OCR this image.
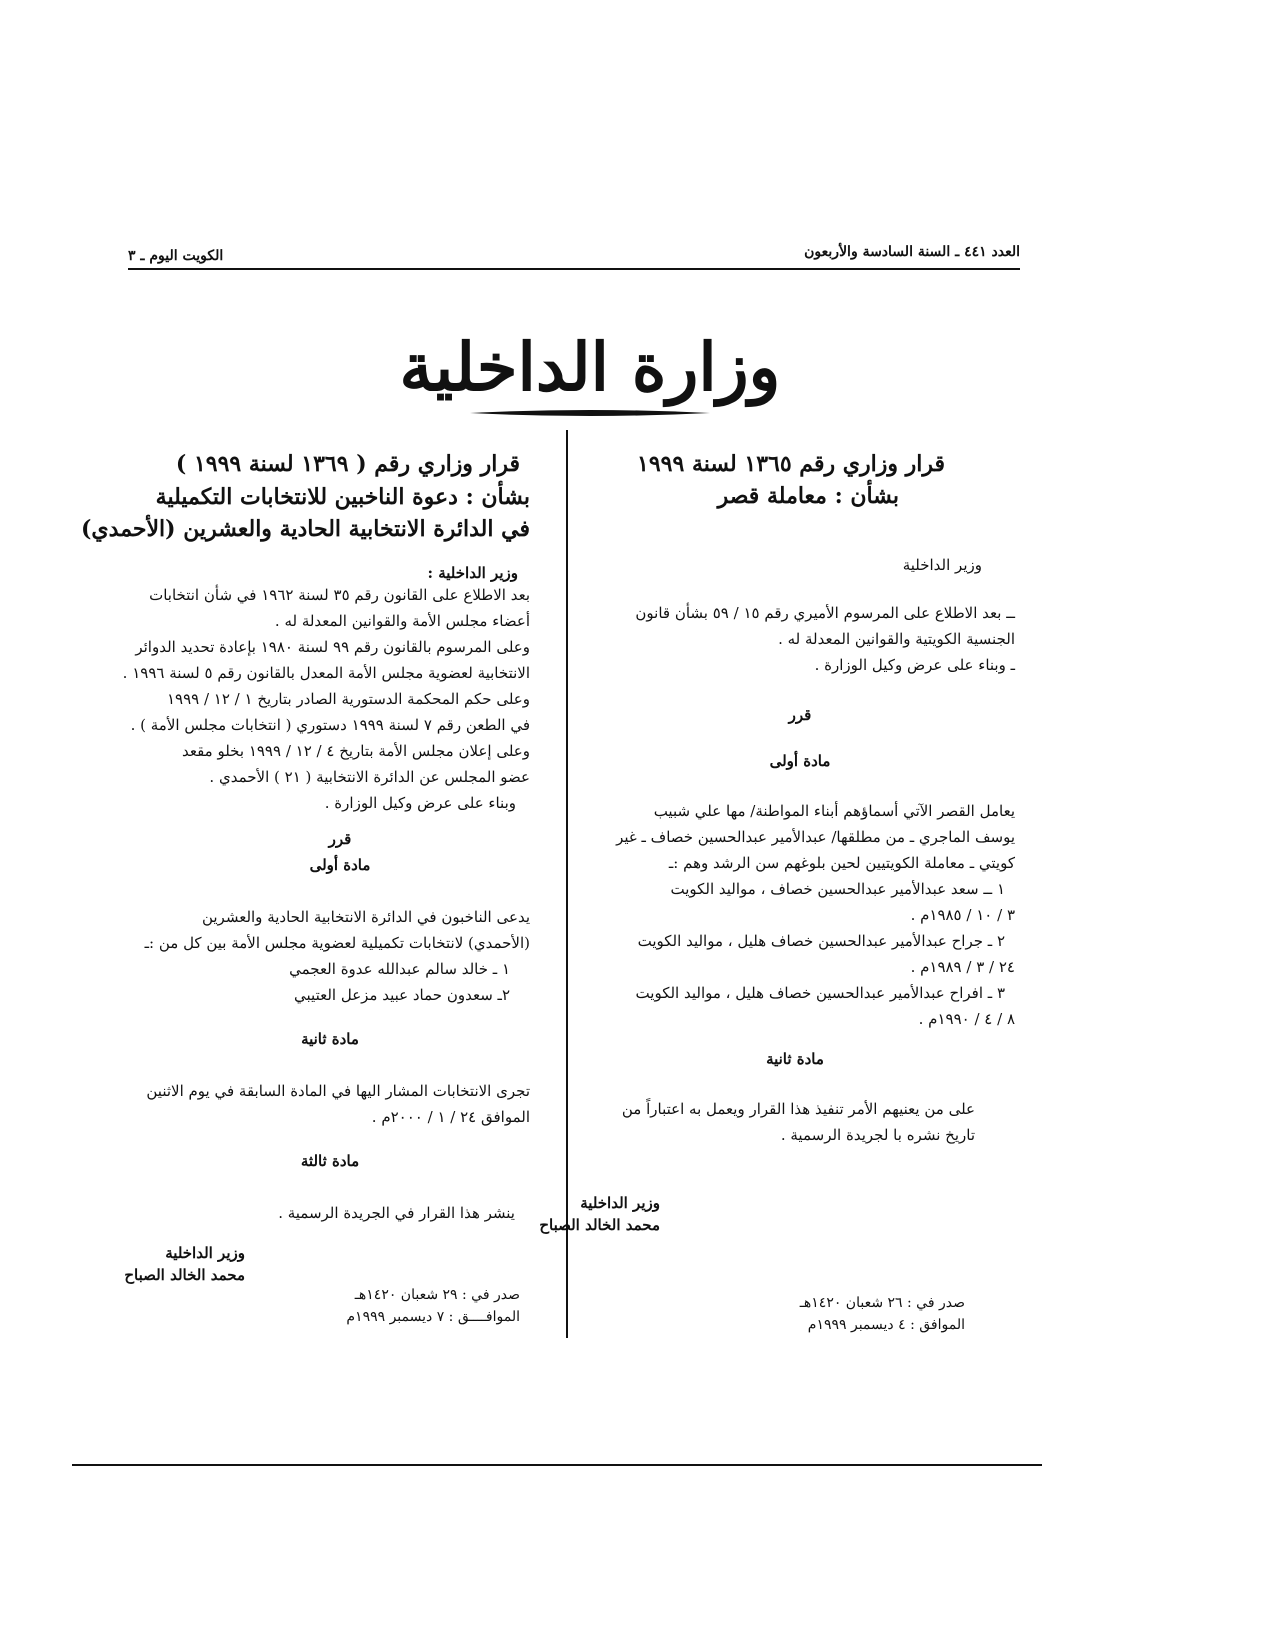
العدد ٤٤١ ـ السنة السادسة والأربعون
الكويت اليوم ـ ٣
وزارة الداخلية
قرار وزاري رقم ١٣٦٥ لسنة ١٩٩٩
بشأن : معاملة قصر
وزير الداخلية
ــ بعد الاطلاع على المرسوم الأميري رقم ١٥ / ٥٩ بشأن قانون
الجنسية الكويتية والقوانين المعدلة له .
ـ وبناء على عرض وكيل الوزارة .
قرر
مادة أولى
يعامل القصر الآتي أسماؤهم أبناء المواطنة/ مها علي شبيب
يوسف الماجري ـ من مطلقها/ عبدالأمير عبدالحسين خصاف ـ غير
كويتي ـ معاملة الكويتيين لحين بلوغهم سن الرشد وهم :ـ
١ ــ سعد عبدالأمير عبدالحسين خصاف ، مواليد الكويت
٣ / ١٠ / ١٩٨٥م .
٢ ـ جراح عبدالأمير عبدالحسين خصاف هليل ، مواليد الكويت
٢٤ / ٣ / ١٩٨٩م .
٣ ـ افراح عبدالأمير عبدالحسين خصاف هليل ، مواليد الكويت
٨ / ٤ / ١٩٩٠م .
مادة ثانية
على من يعنيهم الأمر تنفيذ هذا القرار ويعمل به اعتباراً من
تاريخ نشره با لجريدة الرسمية .
وزير الداخلية
محمد الخالد الصباح
صدر في : ٢٦ شعبان ١٤٢٠هـ
الموافق : ٤ ديسمبر ١٩٩٩م
قرار وزاري رقم ( ١٣٦٩ لسنة ١٩٩٩ )
بشأن : دعوة الناخبين للانتخابات التكميلية
في الدائرة الانتخابية الحادية والعشرين (الأحمدي)
وزير الداخلية :
بعد الاطلاع على القانون رقم ٣٥ لسنة ١٩٦٢ في شأن انتخابات
أعضاء مجلس الأمة والقوانين المعدلة له .
وعلى المرسوم بالقانون رقم ٩٩ لسنة ١٩٨٠ بإعادة تحديد الدوائر
الانتخابية لعضوية مجلس الأمة المعدل بالقانون رقم ٥ لسنة ١٩٩٦ .
وعلى حكم المحكمة الدستورية الصادر بتاريخ ١ / ١٢ / ١٩٩٩
في الطعن رقم ٧ لسنة ١٩٩٩ دستوري ( انتخابات مجلس الأمة ) .
وعلى إعلان مجلس الأمة بتاريخ ٤ / ١٢ / ١٩٩٩ بخلو مقعد
عضو المجلس عن الدائرة الانتخابية ( ٢١ ) الأحمدي .
وبناء على عرض وكيل الوزارة .
قرر
مادة أولى
يدعى الناخبون في الدائرة الانتخابية الحادية والعشرين
(الأحمدي) لانتخابات تكميلية لعضوية مجلس الأمة بين كل من :ـ
١ ـ خالد سالم عبدالله عدوة العجمي
٢ـ سعدون حماد عبيد مزعل العتيبي
مادة ثانية
تجرى الانتخابات المشار اليها في المادة السابقة في يوم الاثنين
الموافق ٢٤ / ١ / ٢٠٠٠م .
مادة ثالثة
ينشر هذا القرار في الجريدة الرسمية .
وزير الداخلية
محمد الخالد الصباح
صدر في : ٢٩ شعبان ١٤٢٠هـ
الموافــــق : ٧ ديسمبر ١٩٩٩م
